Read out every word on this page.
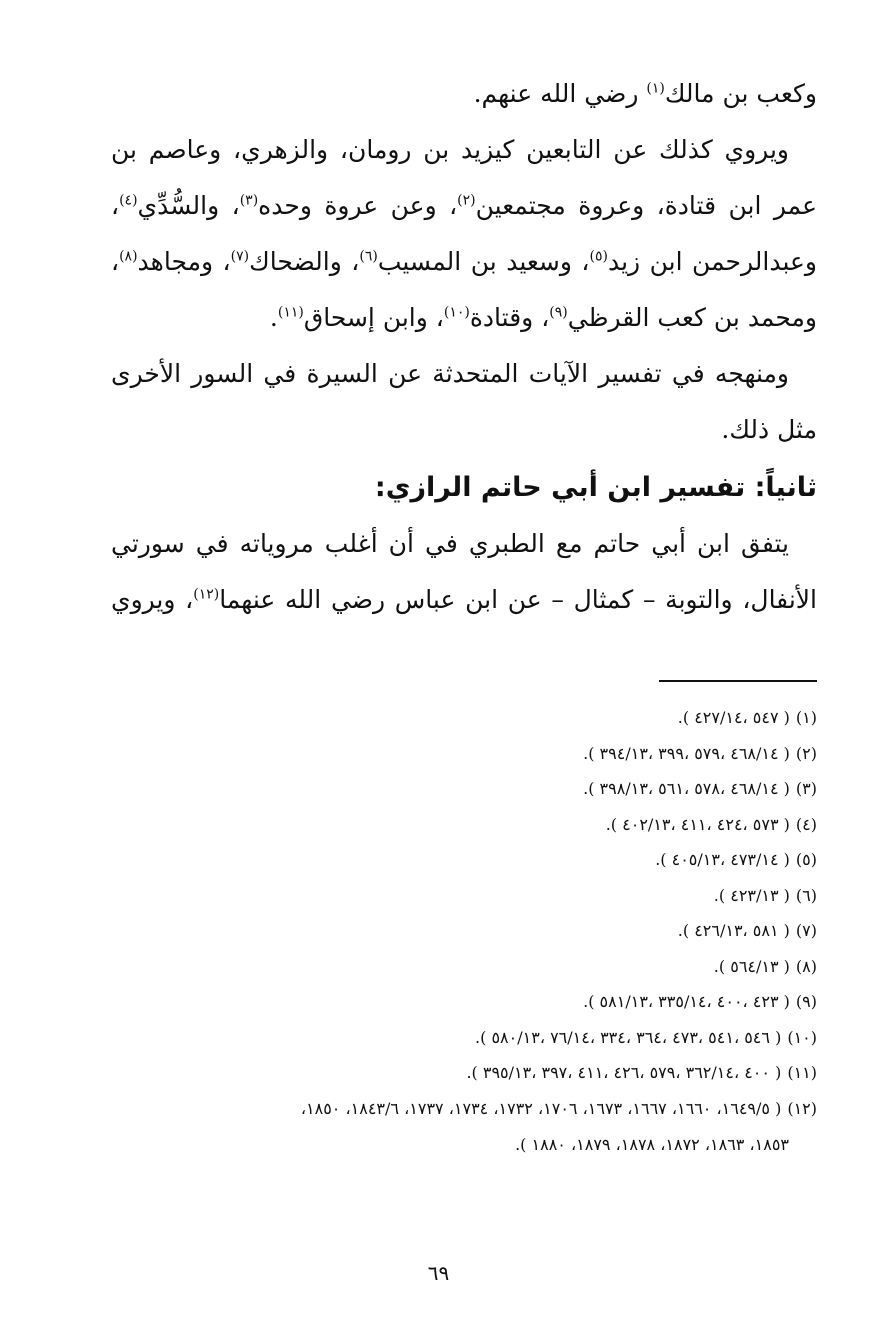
وكعب بن مالك$^{(١)}$ رضي الله عنهم.

ويروي كذلك عن التابعين كيزيد بن رومان، والزهري، وعاصم بن عمر ابن قتادة، وعروة مجتمعين$^{(٢)}$، وعن عروة وحده$^{(٣)}$، والسُّدِّي$^{(٤)}$، وعبدالرحمن ابن زيد$^{(٥)}$، وسعيد بن المسيب$^{(٦)}$، والضحاك$^{(٧)}$، ومجاهد$^{(٨)}$، ومحمد بن كعب القرظي$^{(٩)}$، وقتادة$^{(١٠)}$، وابن إسحاق$^{(١١)}$.

ومنهجه في تفسير الآيات المتحدثة عن السيرة في السور الأخرى مثل ذلك.

ثانياً: تفسير ابن أبي حاتم الرازي:

يتفق ابن أبي حاتم مع الطبري في أن أغلب مروياته في سورتي الأنفال، والتوبة – كمثال – عن ابن عباس رضي الله عنهما$^{(١٢)}$، ويروي

(١)( ٥٤٧ ،٤٢٧/١٤ ).
(٢)( ٤٦٨/١٤ ،٥٧٩ ،٣٩٩ ،٣٩٤/١٣ ).
(٣)( ٤٦٨/١٤ ،٥٧٨ ،٥٦١ ،٣٩٨/١٣ ).
(٤)( ٥٧٣ ،٤٢٤ ،٤١١ ،٤٠٢/١٣ ).
(٥)( ٤٧٣/١٤ ،٤٠٥/١٣ ).
(٦)( ٤٢٣/١٣ ).
(٧)( ٥٨١ ،٤٢٦/١٣ ).
(٨)( ٥٦٤/١٣ ).
(٩)( ٤٢٣ ،٤٠٠ ،٣٣٥/١٤ ،٥٨١/١٣ ).
(١٠)( ٥٤٦ ،٥٤١ ،٤٧٣ ،٣٦٤ ،٣٣٤ ،٧٦/١٤ ،٥٨٠/١٣ ).
(١١)( ٤٠٠ ،٣٦٢/١٤ ،٥٧٩ ،٤٢٦ ،٤١١ ،٣٩٧ ،٣٩٥/١٣ ).
(١٢)( ١٦٤٩/٥، ١٦٦٠، ١٦٦٧، ١٦٧٣، ١٧٠٦، ١٧٣٢، ١٧٣٤، ١٧٣٧، ١٨٤٣/٦، ١٨٥٠،
١٨٥٣، ١٨٦٣، ١٨٧٢، ١٨٧٨، ١٨٧٩، ١٨٨٠ ).
٦٩
